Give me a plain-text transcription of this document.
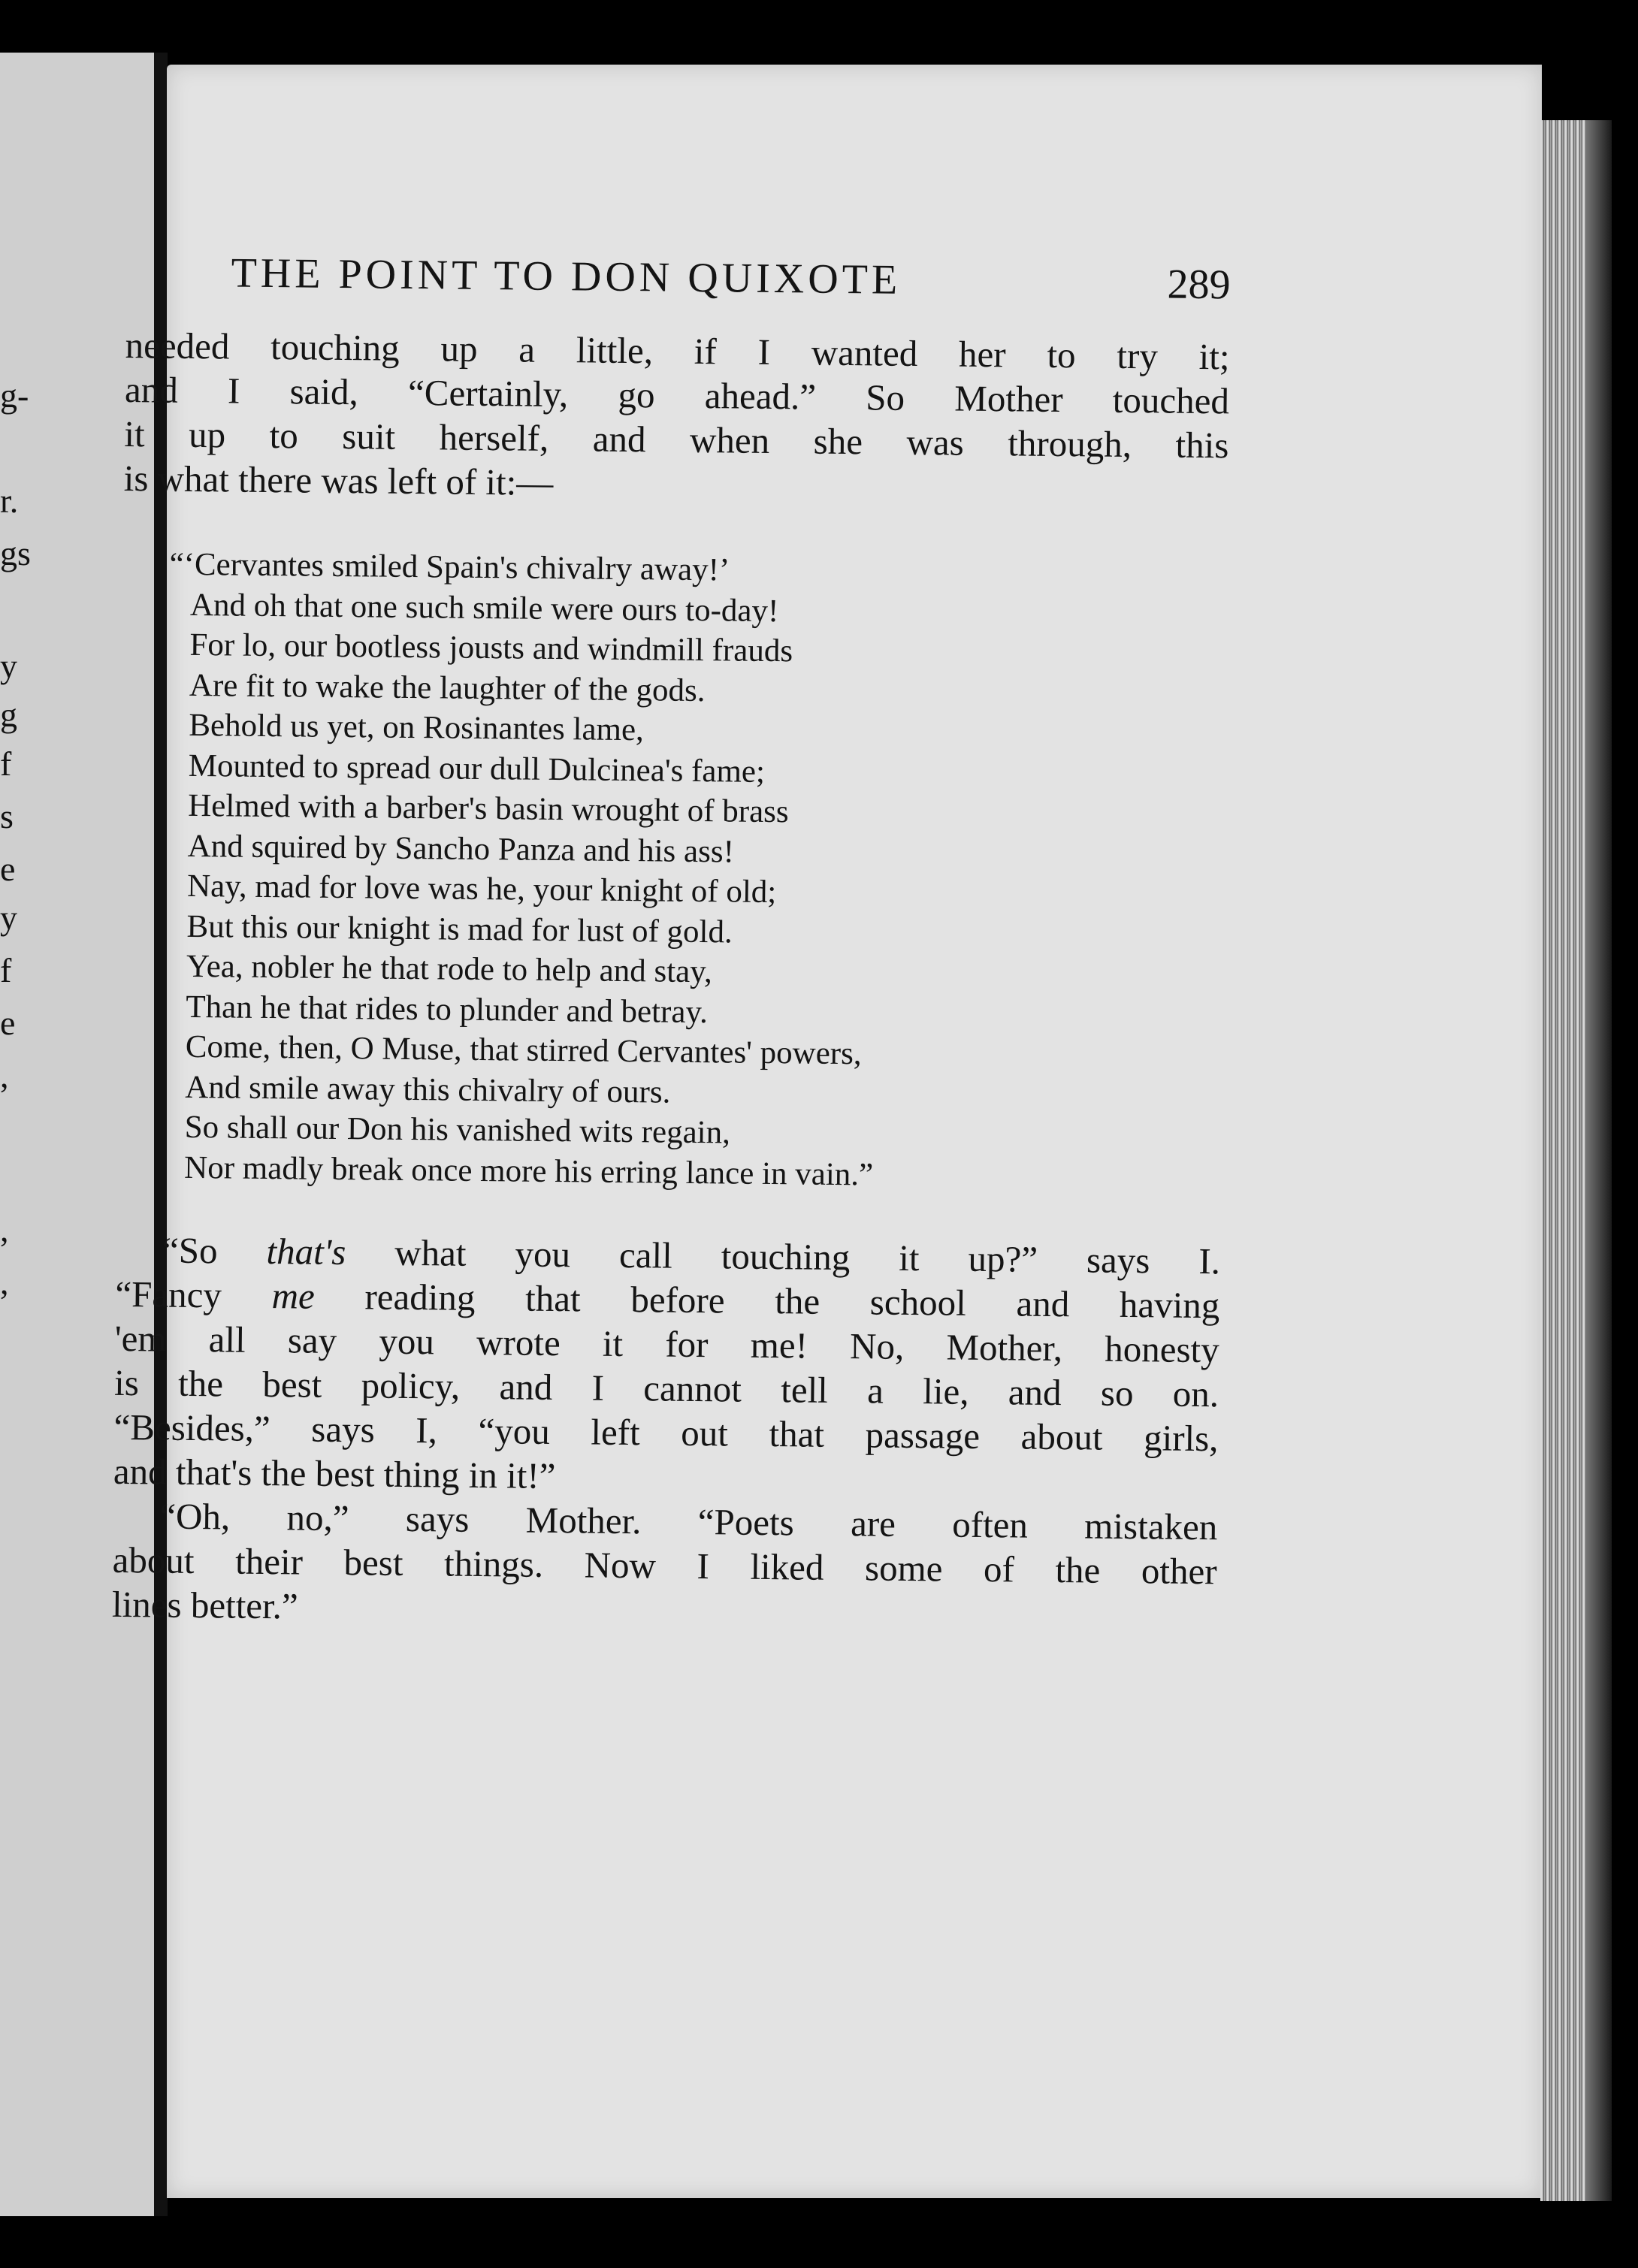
g-
r.
gs
y
g
f
s
e
y
f
e
,
,
,
THE POINT TO DON QUIXOTE	289
needed touching up a little, if I wanted her to try it;
and I said, “Certainly, go ahead.” So Mother touched
it up to suit herself, and when she was through, this
is what there was left of it:—
“‘Cervantes smiled Spain's chivalry away!’
And oh that one such smile were ours to-day!
For lo, our bootless jousts and windmill frauds
Are fit to wake the laughter of the gods.
Behold us yet, on Rosinantes lame,
Mounted to spread our dull Dulcinea's fame;
Helmed with a barber's basin wrought of brass
And squired by Sancho Panza and his ass!
Nay, mad for love was he, your knight of old;
But this our knight is mad for lust of gold.
Yea, nobler he that rode to help and stay,
Than he that rides to plunder and betray.
Come, then, O Muse, that stirred Cervantes' powers,
And smile away this chivalry of ours.
So shall our Don his vanished wits regain,
Nor madly break once more his erring lance in vain.”
“So that's what you call touching it up?” says I.
“Fancy me reading that before the school and having
'em all say you wrote it for me! No, Mother, honesty
is the best policy, and I cannot tell a lie, and so on.
“Besides,” says I, “you left out that passage about girls,
and that's the best thing in it!”
“Oh, no,” says Mother. “Poets are often mistaken
about their best things. Now I liked some of the other
lines better.”
